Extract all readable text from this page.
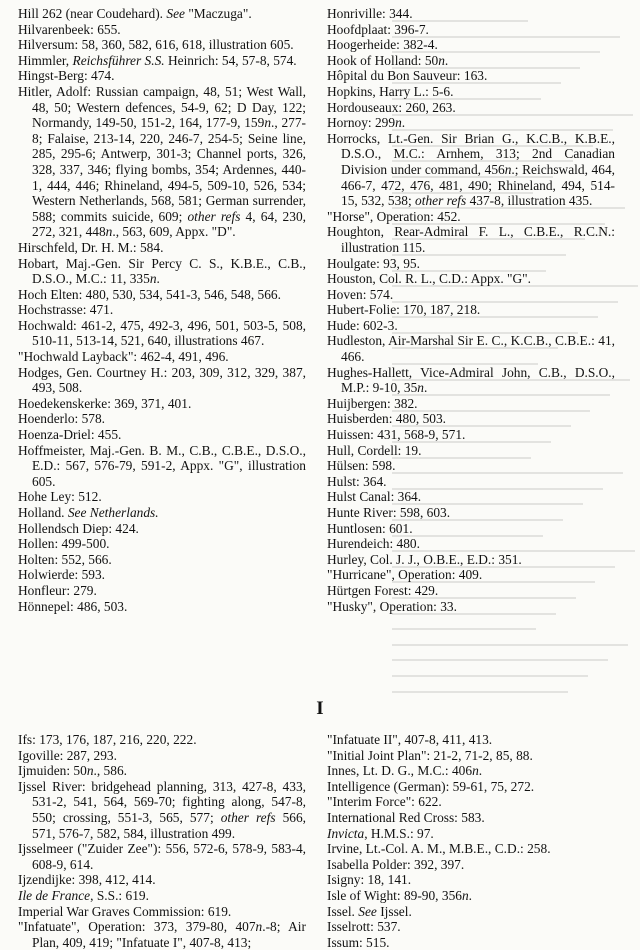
Hill 262 (near Coudehard). See "Maczuga".

Hilvarenbeek: 655.

Hilversum: 58, 360, 582, 616, 618, illustration 605.

Himmler, Reichsführer S.S. Heinrich: 54, 57-8, 574.

Hingst-Berg: 474.

Hitler, Adolf: Russian campaign, 48, 51; West Wall, 48, 50; Western defences, 54-9, 62; D Day, 122; Normandy, 149-50, 151-2, 164, 177-9, 159n., 277-8; Falaise, 213-14, 220, 246-7, 254-5; Seine line, 285, 295-6; Antwerp, 301-3; Channel ports, 326, 328, 337, 346; flying bombs, 354; Ardennes, 440-1, 444, 446; Rhineland, 494-5, 509-10, 526, 534; Western Netherlands, 568, 581; German surrender, 588; commits suicide, 609; other refs 4, 64, 230, 272, 321, 448n., 563, 609, Appx. "D".

Hirschfeld, Dr. H. M.: 584.

Hobart, Maj.-Gen. Sir Percy C. S., K.B.E., C.B., D.S.O., M.C.: 11, 335n.

Hoch Elten: 480, 530, 534, 541-3, 546, 548, 566.

Hochstrasse: 471.

Hochwald: 461-2, 475, 492-3, 496, 501, 503-5, 508, 510-11, 513-14, 521, 640, illustrations 467.

"Hochwald Layback": 462-4, 491, 496.

Hodges, Gen. Courtney H.: 203, 309, 312, 329, 387, 493, 508.

Hoedekenskerke: 369, 371, 401.

Hoenderlo: 578.

Hoenza-Driel: 455.

Hoffmeister, Maj.-Gen. B. M., C.B., C.B.E., D.S.O., E.D.: 567, 576-79, 591-2, Appx. "G", illustration 605.

Hohe Ley: 512.

Holland. See Netherlands.

Hollendsch Diep: 424.

Hollen: 499-500.

Holten: 552, 566.

Holwierde: 593.

Honfleur: 279.

Hönnepel: 486, 503.

Honriville: 344.

Hoofdplaat: 396-7.

Hoogerheide: 382-4.

Hook of Holland: 50n.

Hôpital du Bon Sauveur: 163.

Hopkins, Harry L.: 5-6.

Hordouseaux: 260, 263.

Hornoy: 299n.

Horrocks, Lt.-Gen. Sir Brian G., K.C.B., K.B.E., D.S.O., M.C.: Arnhem, 313; 2nd Canadian Division under command, 456n.; Reichswald, 464, 466-7, 472, 476, 481, 490; Rhineland, 494, 514-15, 532, 538; other refs 437-8, illustration 435.

"Horse", Operation: 452.

Houghton, Rear-Admiral F. L., C.B.E., R.C.N.: illustration 115.

Houlgate: 93, 95.

Houston, Col. R. L., C.D.: Appx. "G".

Hoven: 574.

Hubert-Folie: 170, 187, 218.

Hude: 602-3.

Hudleston, Air-Marshal Sir E. C., K.C.B., C.B.E.: 41, 466.

Hughes-Hallett, Vice-Admiral John, C.B., D.S.O., M.P.: 9-10, 35n.

Huijbergen: 382.

Huisberden: 480, 503.

Huissen: 431, 568-9, 571.

Hull, Cordell: 19.

Hülsen: 598.

Hulst: 364.

Hulst Canal: 364.

Hunte River: 598, 603.

Huntlosen: 601.

Hurendeich: 480.

Hurley, Col. J. J., O.B.E., E.D.: 351.

"Hurricane", Operation: 409.

Hürtgen Forest: 429.

"Husky", Operation: 33.

I

Ifs: 173, 176, 187, 216, 220, 222.

Igoville: 287, 293.

Ijmuiden: 50n., 586.

Ijssel River: bridgehead planning, 313, 427-8, 433, 531-2, 541, 564, 569-70; fighting along, 547-8, 550; crossing, 551-3, 565, 577; other refs 566, 571, 576-7, 582, 584, illustration 499.

Ijsselmeer ("Zuider Zee"): 556, 572-6, 578-9, 583-4, 608-9, 614.

Ijzendijke: 398, 412, 414.

Ile de France, S.S.: 619.

Imperial War Graves Commission: 619.

"Infatuate", Operation: 373, 379-80, 407n.-8; Air Plan, 409, 419; "Infatuate I", 407-8, 413;

"Infatuate II", 407-8, 411, 413.

"Initial Joint Plan": 21-2, 71-2, 85, 88.

Innes, Lt. D. G., M.C.: 406n.

Intelligence (German): 59-61, 75, 272.

"Interim Force": 622.

International Red Cross: 583.

Invicta, H.M.S.: 97.

Irvine, Lt.-Col. A. M., M.B.E., C.D.: 258.

Isabella Polder: 392, 397.

Isigny: 18, 141.

Isle of Wight: 89-90, 356n.

Issel. See Ijssel.

Isselrott: 537.

Issum: 515.
